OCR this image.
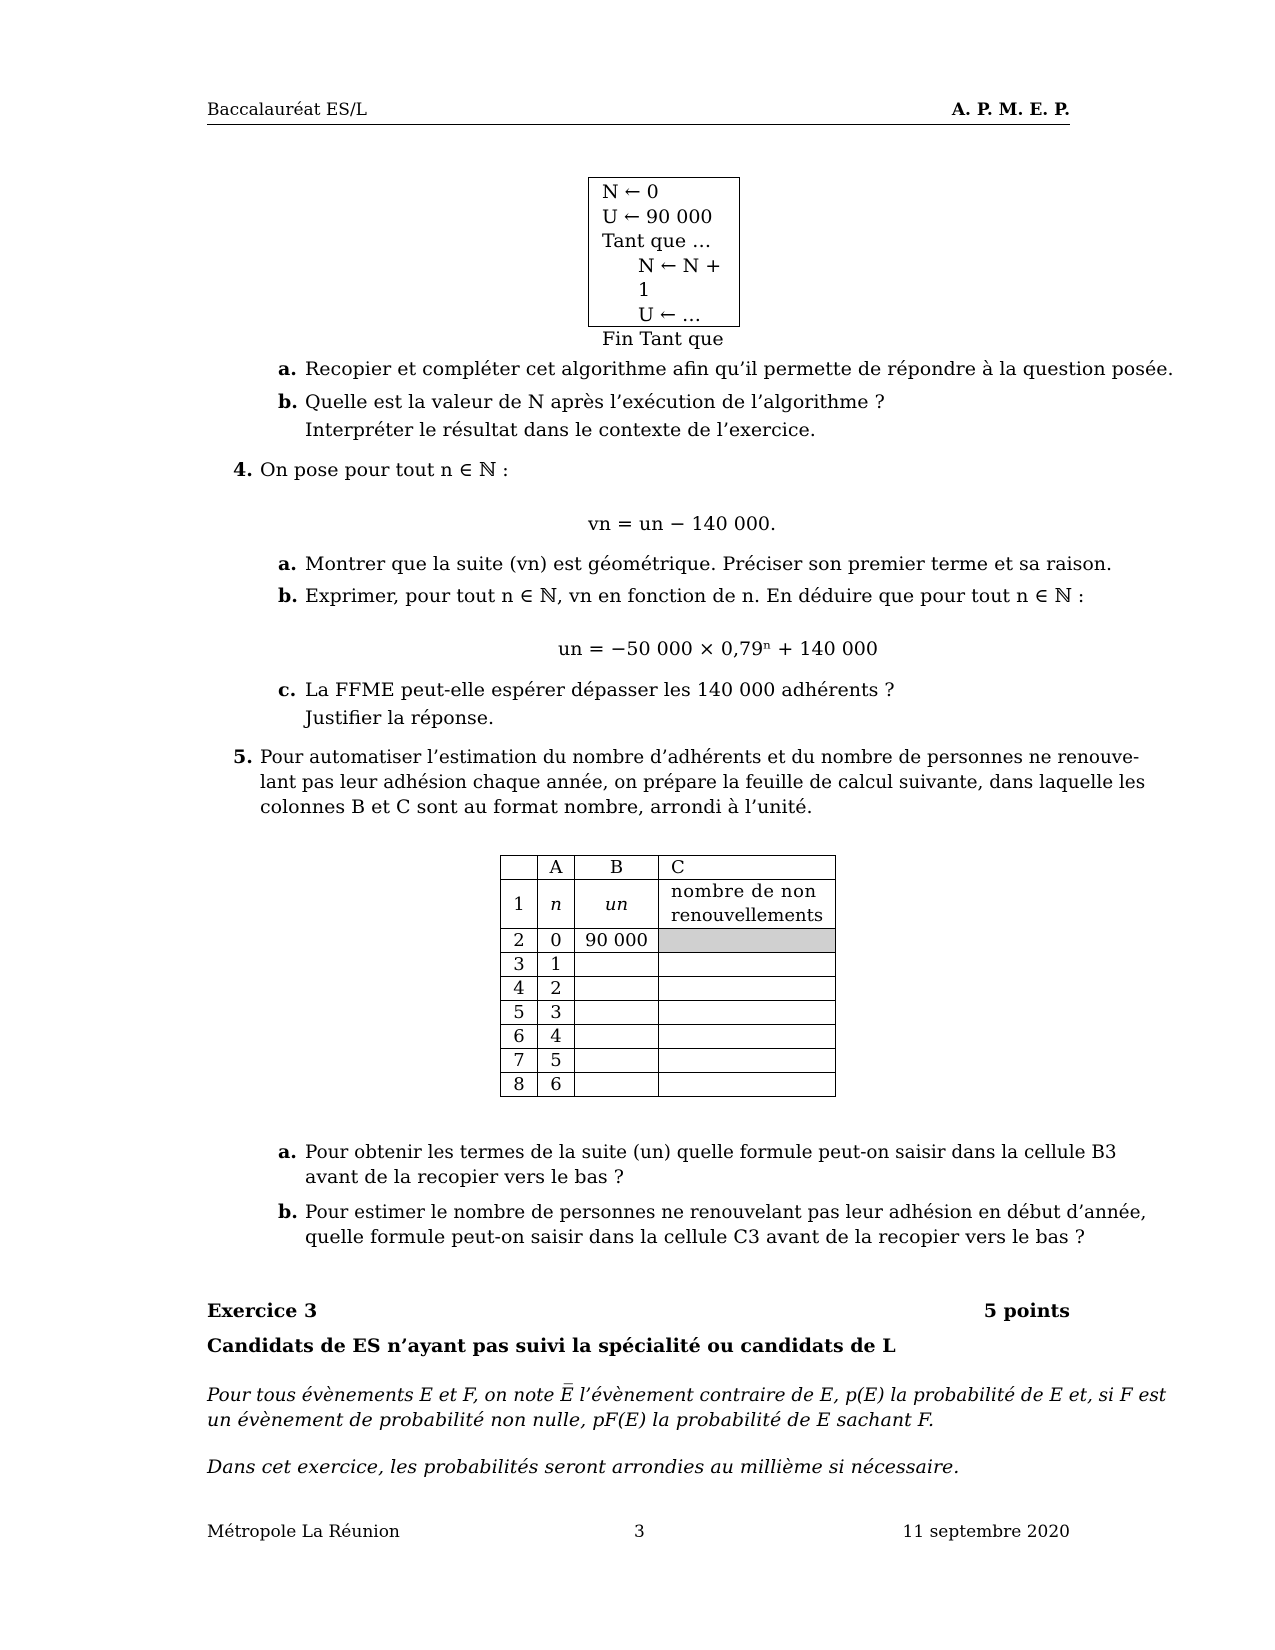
Baccalauréat ES/L	A. P. M. E. P.
N ← 0
U ← 90 000
Tant que …
N ← N + 1
U ← …
Fin Tant que
a. Recopier et compléter cet algorithme afin qu’il permette de répondre à la question posée.
b. Quelle est la valeur de N après l’exécution de l’algorithme ?
Interpréter le résultat dans le contexte de l’exercice.
4. On pose pour tout n ∈ ℕ :
vn = un − 140 000.
a. Montrer que la suite (vn) est géométrique. Préciser son premier terme et sa raison.
b. Exprimer, pour tout n ∈ ℕ, vn en fonction de n. En déduire que pour tout n ∈ ℕ :
un = −50 000 × 0,79ⁿ + 140 000
c. La FFME peut-elle espérer dépasser les 140 000 adhérents ?
Justifier la réponse.
5. Pour automatiser l’estimation du nombre d’adhérents et du nombre de personnes ne renouve-
lant pas leur adhésion chaque année, on prépare la feuille de calcul suivante, dans laquelle les
colonnes B et C sont au format nombre, arrondi à l’unité.
	A	B	C
1	n	un	nombre de non
renouvellements

2	0	90 000	
3	1		
4	2		
5	3		
6	4		
7	5		
8	6		
a. Pour obtenir les termes de la suite (un) quelle formule peut-on saisir dans la cellule B3
avant de la recopier vers le bas ?
b. Pour estimer le nombre de personnes ne renouvelant pas leur adhésion en début d’année,
quelle formule peut-on saisir dans la cellule C3 avant de la recopier vers le bas ?
Exercice 3	5 points
Candidats de ES n’ayant pas suivi la spécialité ou candidats de L
Pour tous évènements E et F, on note E̅ l’évènement contraire de E, p(E) la probabilité de E et, si F est
un évènement de probabilité non nulle, pF(E) la probabilité de E sachant F.
Dans cet exercice, les probabilités seront arrondies au millième si nécessaire.
Métropole La Réunion	3	11 septembre 2020
